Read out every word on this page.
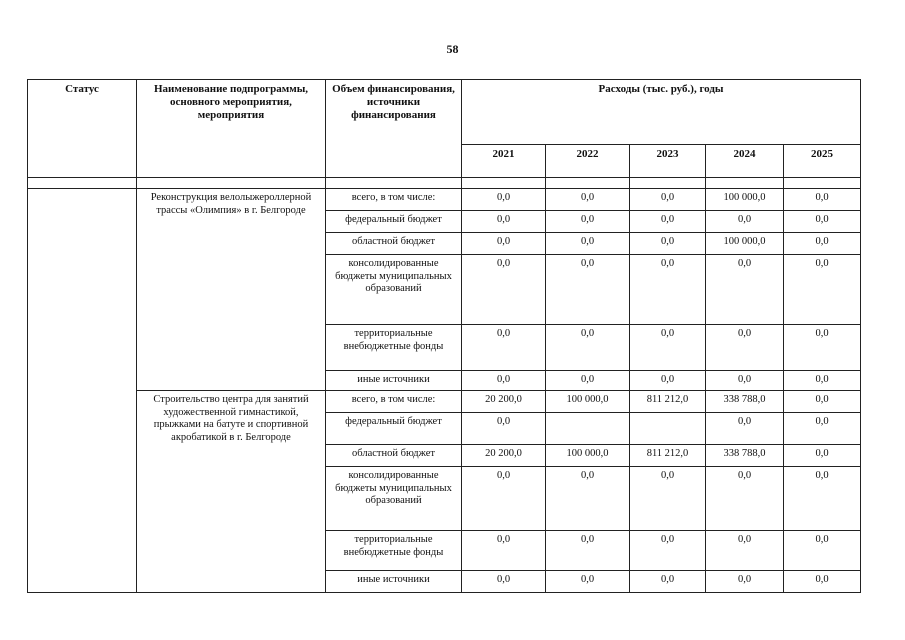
58
Статус	Наименование подпрограммы, основного мероприятия, мероприятия	Объем финансирования, источники финансирования	Расходы (тыс. руб.), годы				
			2021	2022	2023	2024	2025

	Реконструкция велолыжероллерной трассы «Олимпия» в г. Белгороде	всего, в том числе:	0,0	0,0	0,0	100 000,0	0,0
		федеральный бюджет	0,0	0,0	0,0	0,0	0,0
		областной бюджет	0,0	0,0	0,0	100 000,0	0,0
		консолидированные бюджеты муниципальных образований	0,0	0,0	0,0	0,0	0,0
		территориальные внебюджетные фонды	0,0	0,0	0,0	0,0	0,0
		иные источники	0,0	0,0	0,0	0,0	0,0
	Строительство центра для занятий художественной гимнастикой, прыжками на батуте и спортивной акробатикой в г. Белгороде	всего, в том числе:	20 200,0	100 000,0	811 212,0	338 788,0	0,0
		федеральный бюджет	0,0			0,0	0,0
		областной бюджет	20 200,0	100 000,0	811 212,0	338 788,0	0,0
		консолидированные бюджеты муниципальных образований	0,0	0,0	0,0	0,0	0,0
		территориальные внебюджетные фонды	0,0	0,0	0,0	0,0	0,0
		иные источники	0,0	0,0	0,0	0,0	0,0
